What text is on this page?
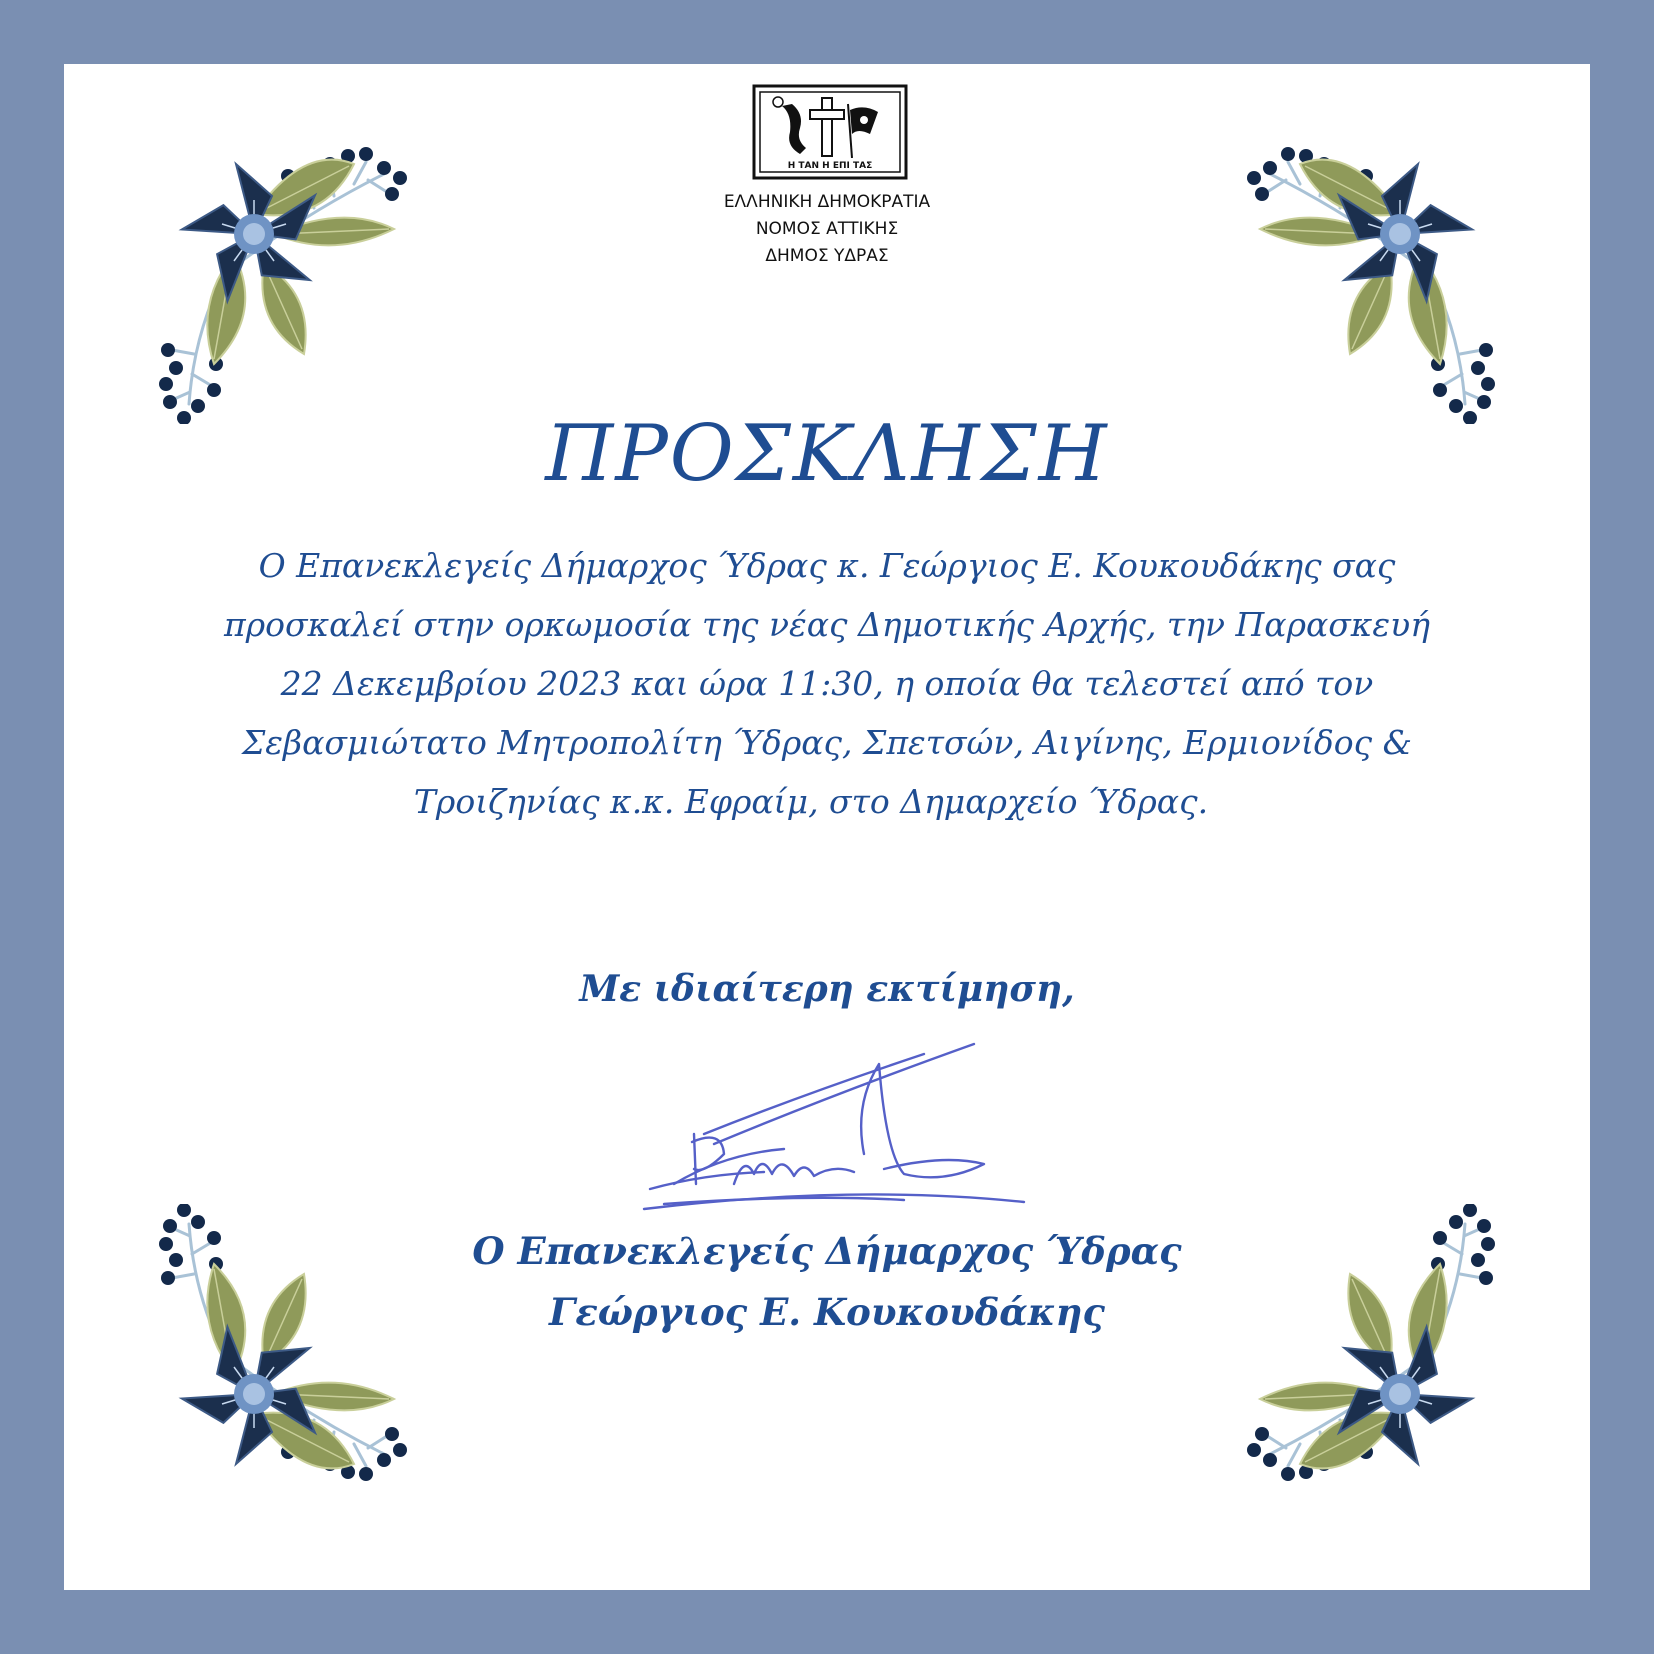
Η ΤΑΝ Η ΕΠΙ ΤΑΣ
ΕΛΛΗΝΙΚΗ ΔΗΜΟΚΡΑΤΙΑ
ΝΟΜΟΣ ΑΤΤΙΚΗΣ
ΔΗΜΟΣ ΥΔΡΑΣ
ΠΡΟΣΚΛΗΣΗ
Ο Επανεκλεγείς Δήμαρχος Ύδρας κ. Γεώργιος Ε. Κουκουδάκης σας
προσκαλεί στην ορκωμοσία της νέας Δημοτικής Αρχής, την Παρασκευή
22 Δεκεμβρίου 2023 και ώρα 11:30, η οποία θα τελεστεί από τον
Σεβασμιώτατο Μητροπολίτη Ύδρας, Σπετσών, Αιγίνης, Ερμιονίδος &
Τροιζηνίας κ.κ. Εφραίμ, στο Δημαρχείο Ύδρας.
Με ιδιαίτερη εκτίμηση,
Ο Επανεκλεγείς Δήμαρχος Ύδρας
Γεώργιος Ε. Κουκουδάκης
